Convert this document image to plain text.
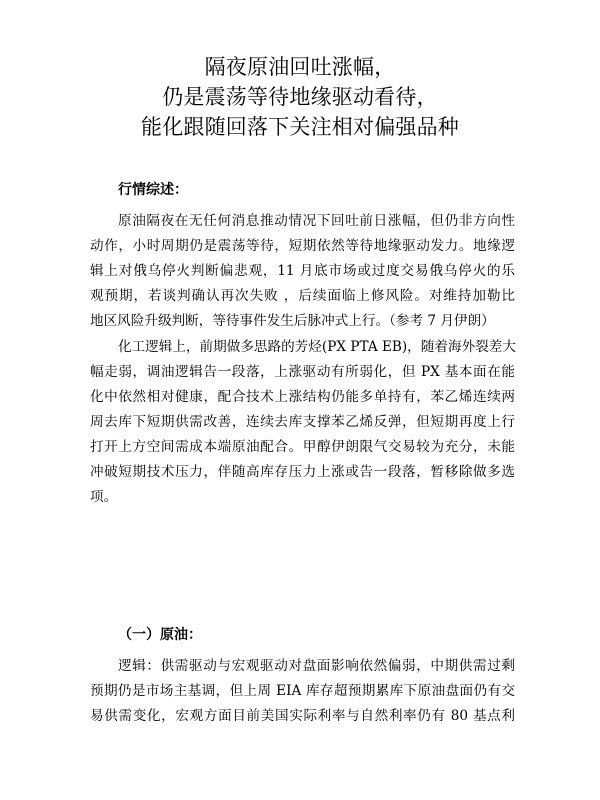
隔夜原油回吐涨幅，
仍是震荡等待地缘驱动看待，
能化跟随回落下关注相对偏强品种
行情综述：
原油隔夜在无任何消息推动情况下回吐前日涨幅，但仍非方向性
动作，小时周期仍是震荡等待，短期依然等待地缘驱动发力。地缘逻
辑上对俄乌停火判断偏悲观，11 月底市场或过度交易俄乌停火的乐
观预期，若谈判确认再次失败 ，后续面临上修风险。对维持加勒比
地区风险升级判断，等待事件发生后脉冲式上行。（参考 7 月伊朗）
化工逻辑上，前期做多思路的芳烃(PX PTA EB)，随着海外裂差大
幅走弱，调油逻辑告一段落，上涨驱动有所弱化，但 PX 基本面在能
化中依然相对健康，配合技术上涨结构仍能多单持有，苯乙烯连续两
周去库下短期供需改善，连续去库支撑苯乙烯反弹，但短期再度上行
打开上方空间需成本端原油配合。甲醇伊朗限气交易较为充分，未能
冲破短期技术压力，伴随高库存压力上涨或告一段落，暂移除做多选
项。
（一）原油：
逻辑：供需驱动与宏观驱动对盘面影响依然偏弱，中期供需过剩
预期仍是市场主基调，但上周 EIA 库存超预期累库下原油盘面仍有交
易供需变化，宏观方面目前美国实际利率与自然利率仍有 80 基点利
